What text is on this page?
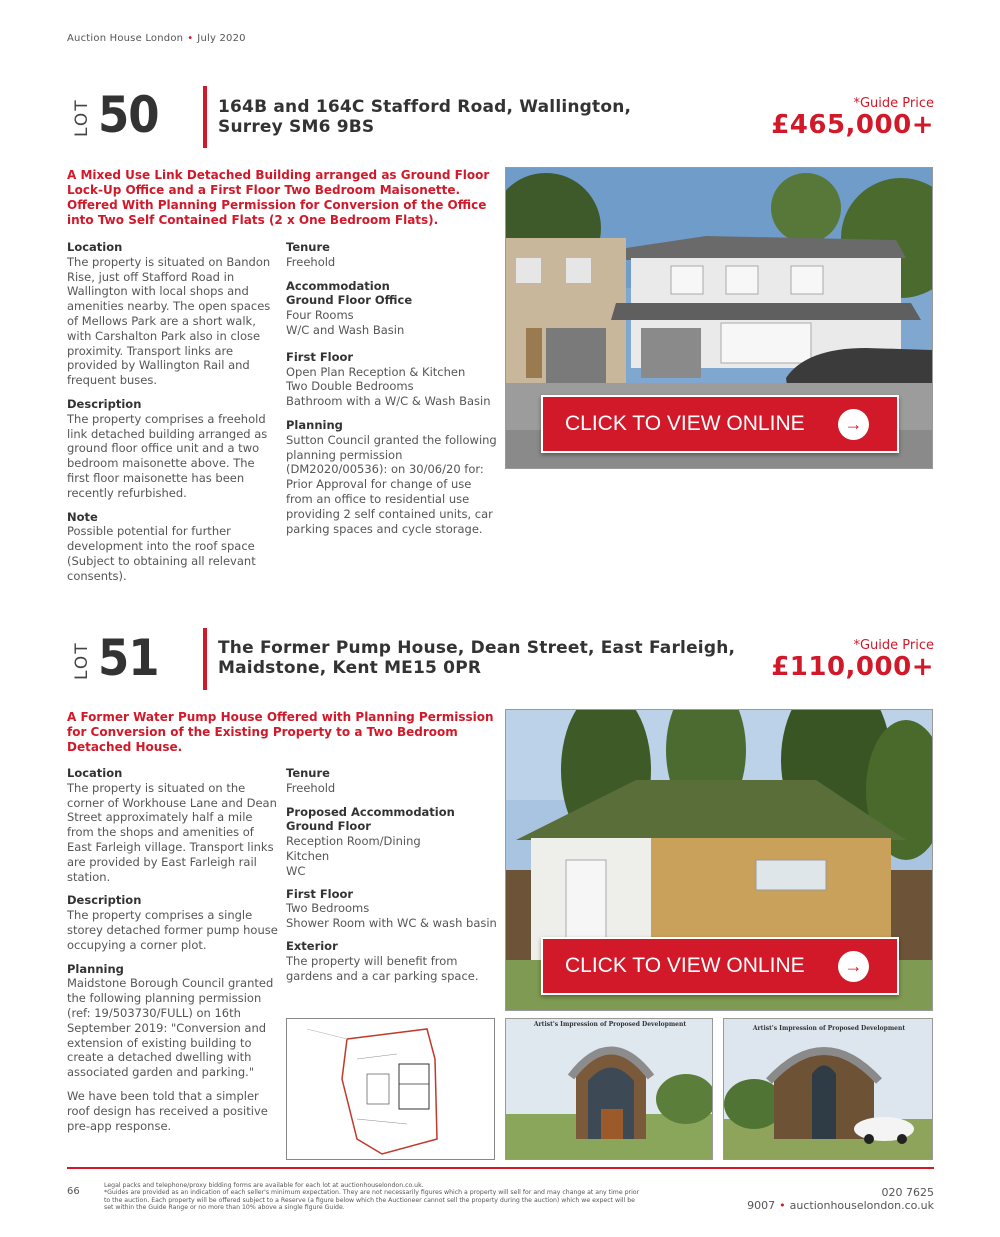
Auction House London • July 2020
LOT 50	164B and 164C Stafford Road, Wallington,
Surrey SM6 9BS
*Guide Price
£465,000+
A Mixed Use Link Detached Building arranged as Ground Floor Lock-Up Office and a First Floor Two Bedroom Maisonette. Offered With Planning Permission for Conversion of the Office into Two Self Contained Flats (2 x One Bedroom Flats).
Location

The property is situated on Bandon Rise, just off Stafford Road in Wallington with local shops and amenities nearby. The open spaces of Mellows Park are a short walk, with Carshalton Park also in close proximity. Transport links are provided by Wallington Rail and frequent buses.

Description

The property comprises a freehold link detached building arranged as ground floor office unit and a two bedroom maisonette above. The first floor maisonette has been recently refurbished.

Note

Possible potential for further development into the roof space (Subject to obtaining all relevant consents).

Tenure

Freehold

Accommodation
Ground Floor Office
Four Rooms
W/C and Wash Basin
First Floor
Open Plan Reception & Kitchen
Two Double Bedrooms
Bathroom with a W/C & Wash Basin
Planning

Sutton Council granted the following planning permission (DM2020/00536): on 30/06/20 for: Prior Approval for change of use from an office to residential use providing 2 self contained units, car parking spaces and cycle storage.

CLICK TO VIEW ONLINE	→
LOT 51	The Former Pump House, Dean Street, East Farleigh,
Maidstone, Kent ME15 0PR
*Guide Price
£110,000+
A Former Water Pump House Offered with Planning Permission for Conversion of the Existing Property to a Two Bedroom Detached House.
Location

The property is situated on the corner of Workhouse Lane and Dean Street approximately half a mile from the shops and amenities of East Farleigh village. Transport links are provided by East Farleigh rail station.

Description

The property comprises a single storey detached former pump house occupying a corner plot.

Planning

Maidstone Borough Council granted the following planning permission (ref: 19/503730/FULL) on 16th September 2019: "Conversion and extension of existing building to create a detached dwelling with associated garden and parking."

We have been told that a simpler roof design has received a positive pre-app response.

Tenure

Freehold

Proposed Accommodation
Ground Floor
Reception Room/Dining
Kitchen
WC
First Floor
Two Bedrooms
Shower Room with WC & wash basin
Exterior

The property will benefit from gardens and a car parking space.	CLICK TO VIEW ONLINE	→
Artist's Impression of Proposed Development
Artist's Impression of Proposed Development
66
Legal packs and telephone/proxy bidding forms are available for each lot at auctionhouselondon.co.uk.
*Guides are provided as an indication of each seller's minimum expectation. They are not necessarily figures which a property will sell for and may change at any time prior to the auction. Each property will be offered subject to a Reserve (a figure below which the Auctioneer cannot sell the property during the auction) which we expect will be set within the Guide Range or no more than 10% above a single figure Guide.
020 7625 9007 • auctionhouselondon.co.uk
